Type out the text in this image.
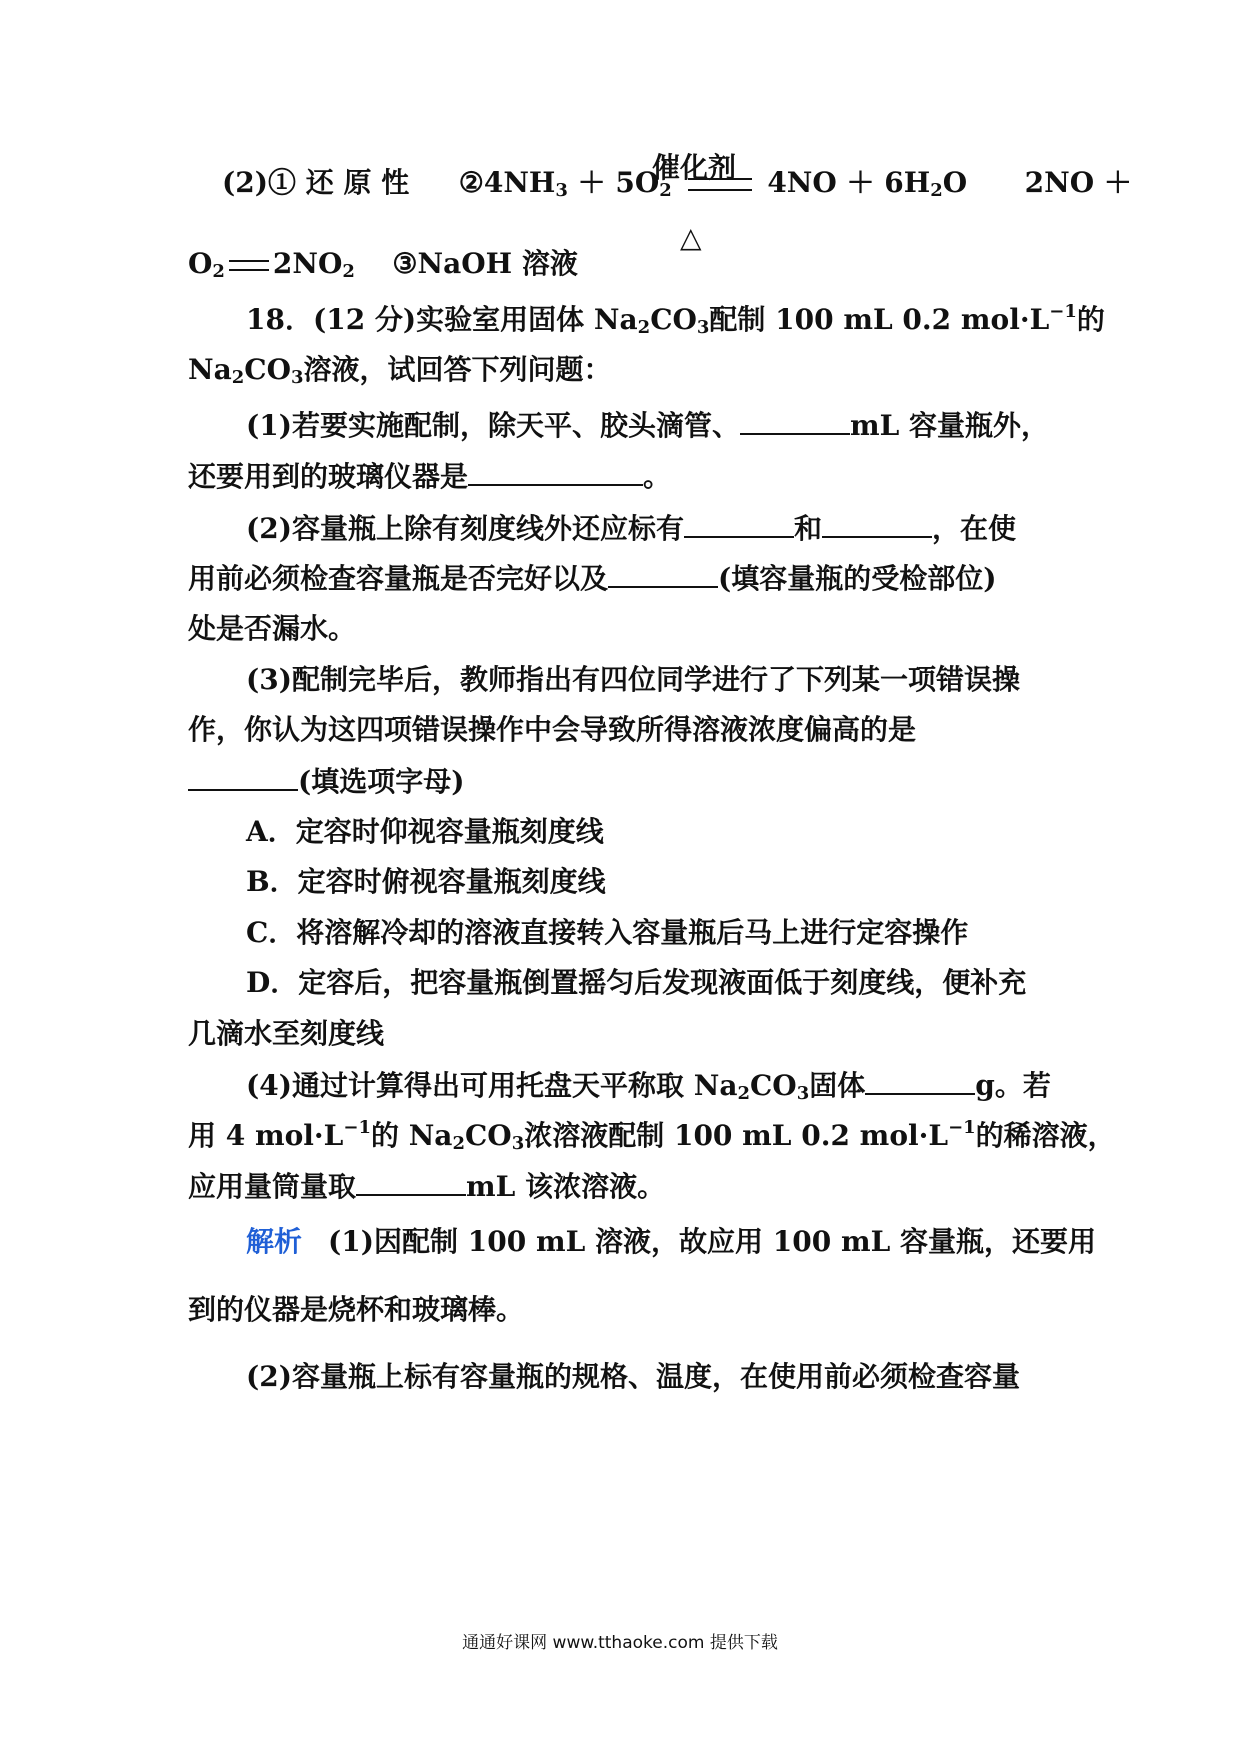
催化剂
(2)① 还 原 性 $②4NH_3 + 5O_2$	$4NO + 6H_2O$ 2NO ＋
△
$O_2$ $2NO_2$ ③NaOH 溶液
18．(12 分)实验室用固体 $Na_2CO_3$配制 100 mL 0.2 $mol\cdot L^{-1}$的
$Na_2CO_3$溶液，试回答下列问题：
(1)若要实施配制，除天平、胶头滴管、	mL 容量瓶外，
还要用到的玻璃仪器是	。
(2)容量瓶上除有刻度线外还应标有	和	，在使
用前必须检查容量瓶是否完好以及	(填容量瓶的受检部位)
处是否漏水。
(3)配制完毕后，教师指出有四位同学进行了下列某一项错误操
作，你认为这四项错误操作中会导致所得溶液浓度偏高的是
(填选项字母)
A．定容时仰视容量瓶刻度线
B．定容时俯视容量瓶刻度线
C．将溶解冷却的溶液直接转入容量瓶后马上进行定容操作
D．定容后，把容量瓶倒置摇匀后发现液面低于刻度线，便补充
几滴水至刻度线
(4)通过计算得出可用托盘天平称取 $Na_2CO_3$固体	g。若
用 4 $mol\cdot L^{-1}$的 $Na_2CO_3$浓溶液配制 100 mL 0.2 $mol\cdot L^{-1}$的稀溶液，
应用量筒量取	mL 该浓溶液。
解析 (1)因配制 100 mL 溶液，故应用 100 mL 容量瓶，还要用
到的仪器是烧杯和玻璃棒。
(2)容量瓶上标有容量瓶的规格、温度，在使用前必须检查容量
通通好课网 www.tthaoke.com 提供下载
